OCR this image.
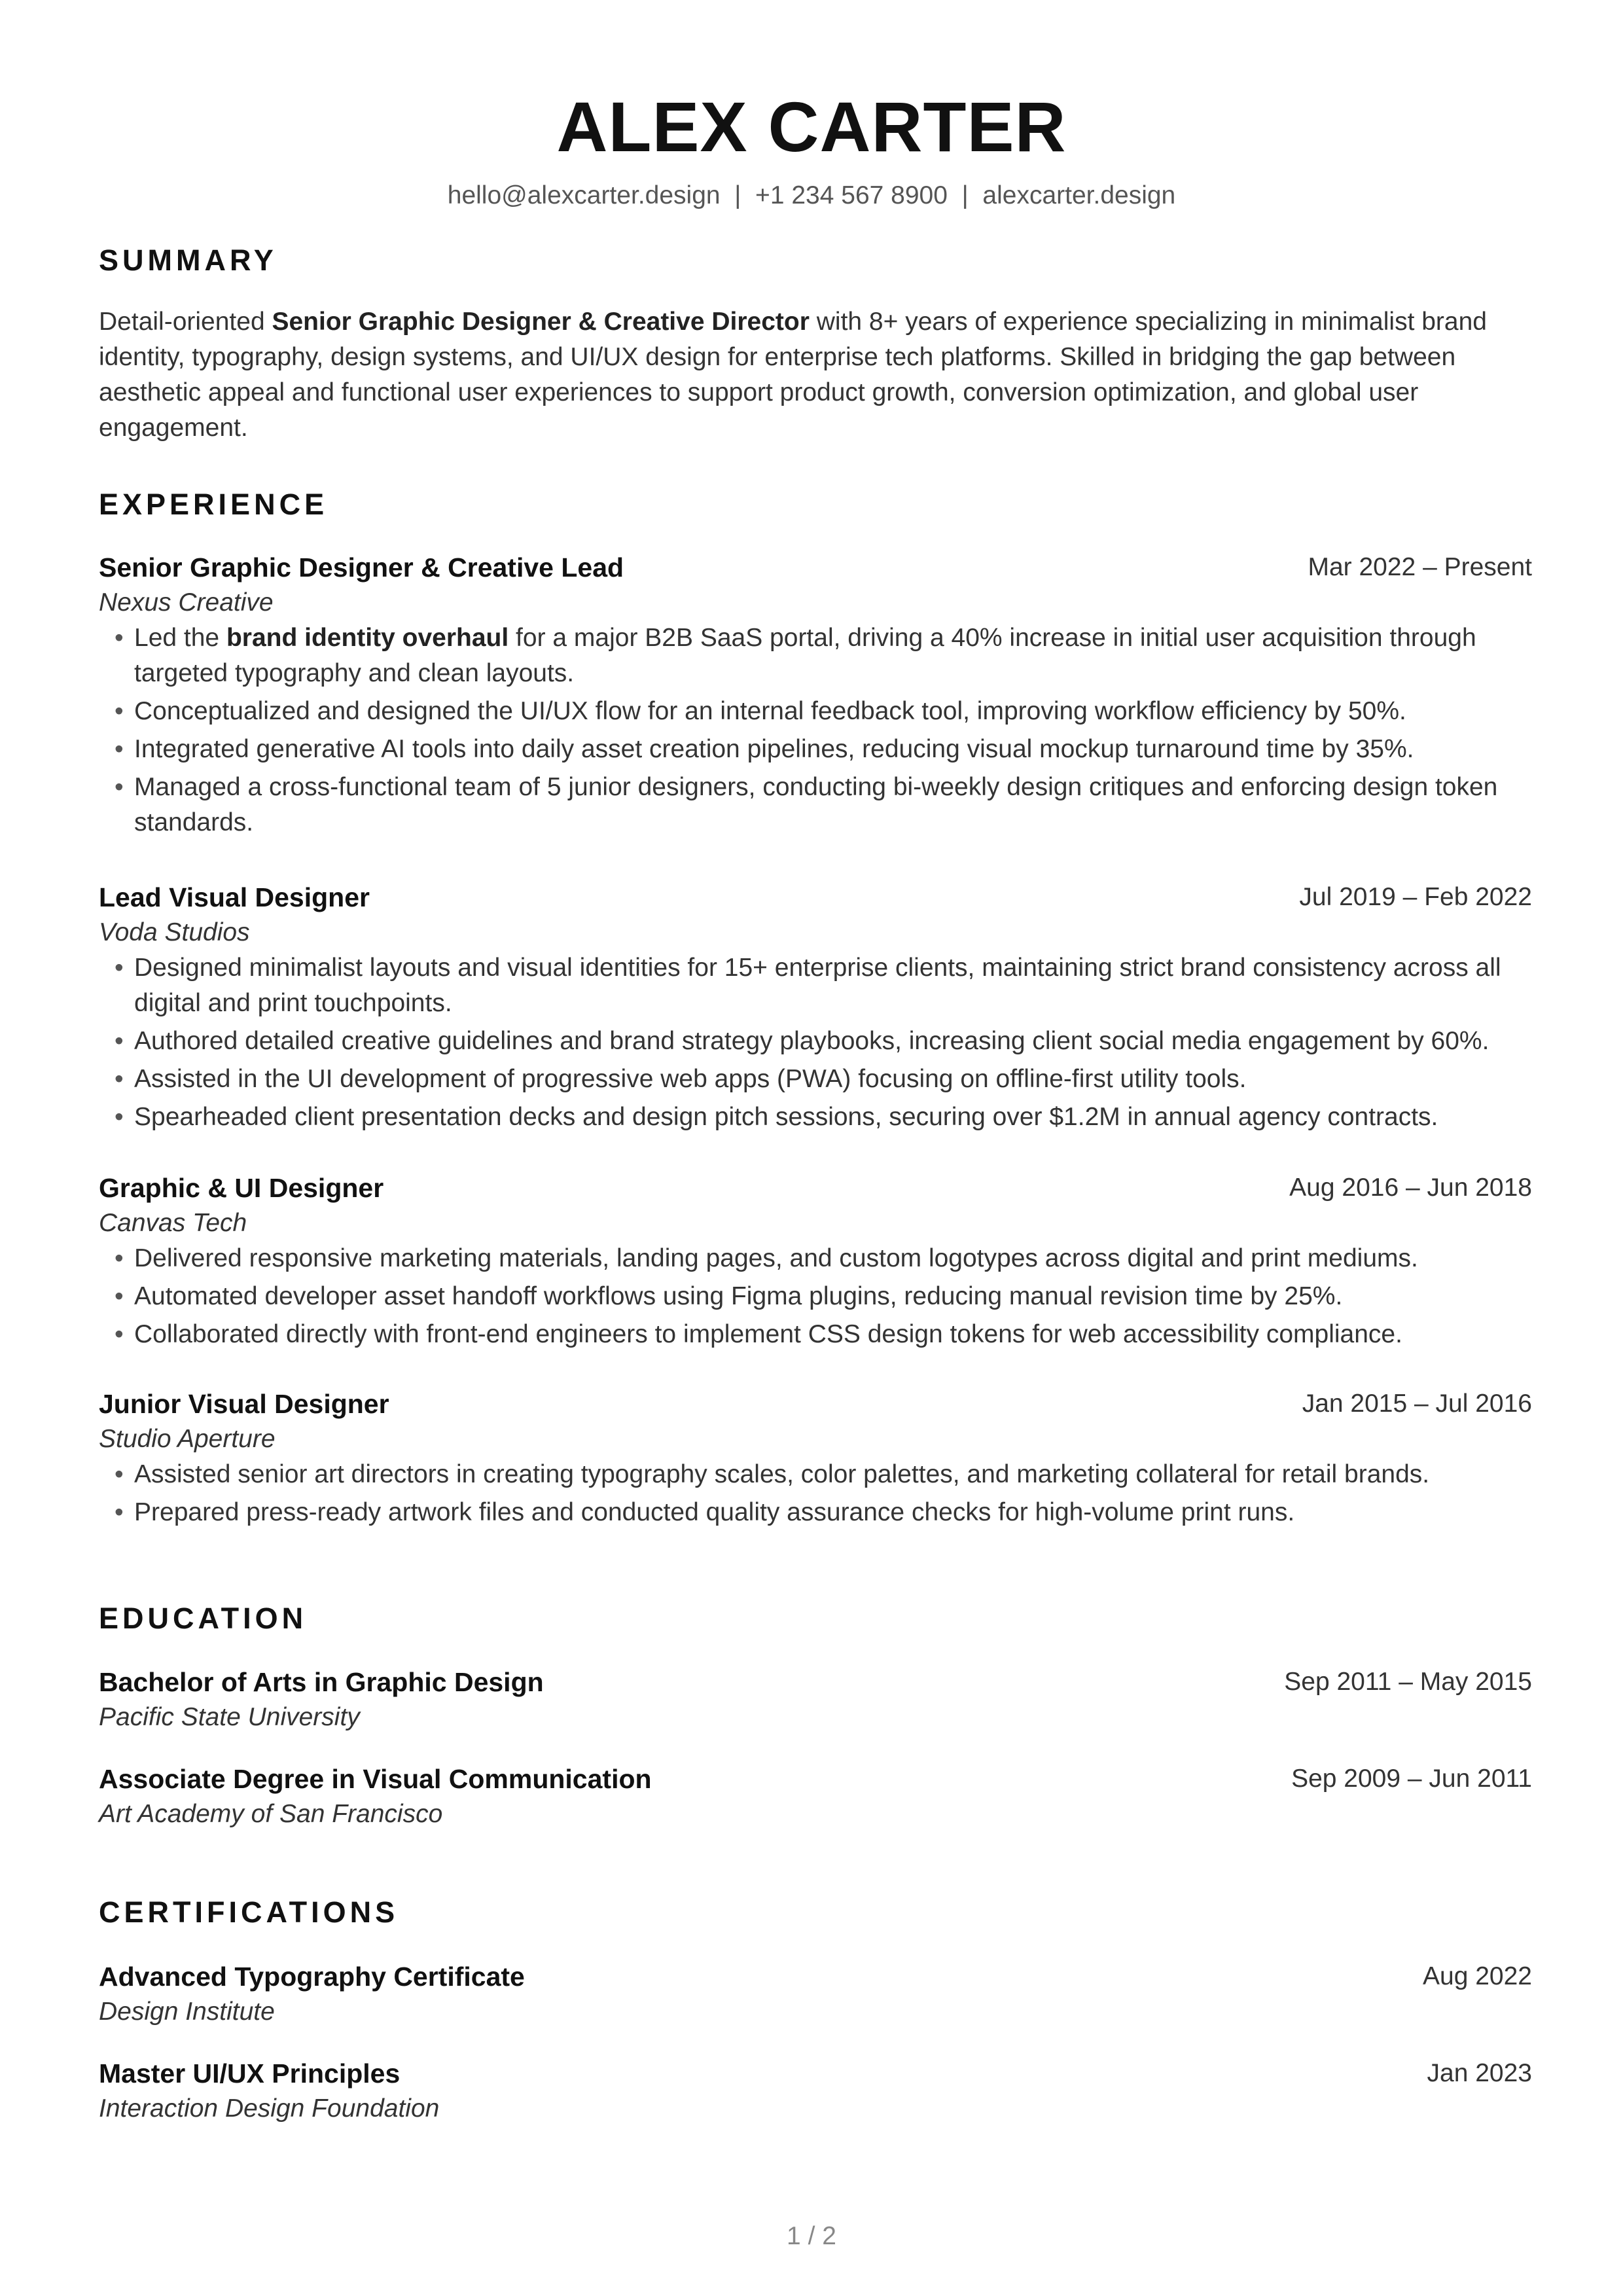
ALEX CARTER
hello@alexcarter.design  |  +1 234 567 8900  |  alexcarter.design
SUMMARY
Detail-oriented Senior Graphic Designer & Creative Director with 8+ years of experience specializing in minimalist brand identity, typography, design systems, and UI/UX design for enterprise tech platforms. Skilled in bridging the gap between aesthetic appeal and functional user experiences to support product growth, conversion optimization, and global user engagement.
EXPERIENCE
Senior Graphic Designer & Creative Lead	Mar 2022 – Present
Nexus Creative
• Led the brand identity overhaul for a major B2B SaaS portal, driving a 40% increase in initial user acquisition through targeted typography and clean layouts.
• Conceptualized and designed the UI/UX flow for an internal feedback tool, improving workflow efficiency by 50%.
• Integrated generative AI tools into daily asset creation pipelines, reducing visual mockup turnaround time by 35%.
• Managed a cross-functional team of 5 junior designers, conducting bi-weekly design critiques and enforcing design token standards.
Lead Visual Designer	Jul 2019 – Feb 2022
Voda Studios
• Designed minimalist layouts and visual identities for 15+ enterprise clients, maintaining strict brand consistency across all digital and print touchpoints.
• Authored detailed creative guidelines and brand strategy playbooks, increasing client social media engagement by 60%.
• Assisted in the UI development of progressive web apps (PWA) focusing on offline-first utility tools.
• Spearheaded client presentation decks and design pitch sessions, securing over $1.2M in annual agency contracts.
Graphic & UI Designer	Aug 2016 – Jun 2018
Canvas Tech
• Delivered responsive marketing materials, landing pages, and custom logotypes across digital and print mediums.
• Automated developer asset handoff workflows using Figma plugins, reducing manual revision time by 25%.
• Collaborated directly with front-end engineers to implement CSS design tokens for web accessibility compliance.
Junior Visual Designer	Jan 2015 – Jul 2016
Studio Aperture
• Assisted senior art directors in creating typography scales, color palettes, and marketing collateral for retail brands.
• Prepared press-ready artwork files and conducted quality assurance checks for high-volume print runs.
EDUCATION
Bachelor of Arts in Graphic Design	Sep 2011 – May 2015
Pacific State University
Associate Degree in Visual Communication	Sep 2009 – Jun 2011
Art Academy of San Francisco
CERTIFICATIONS
Advanced Typography Certificate	Aug 2022
Design Institute
Master UI/UX Principles	Jan 2023
Interaction Design Foundation
1 / 2
